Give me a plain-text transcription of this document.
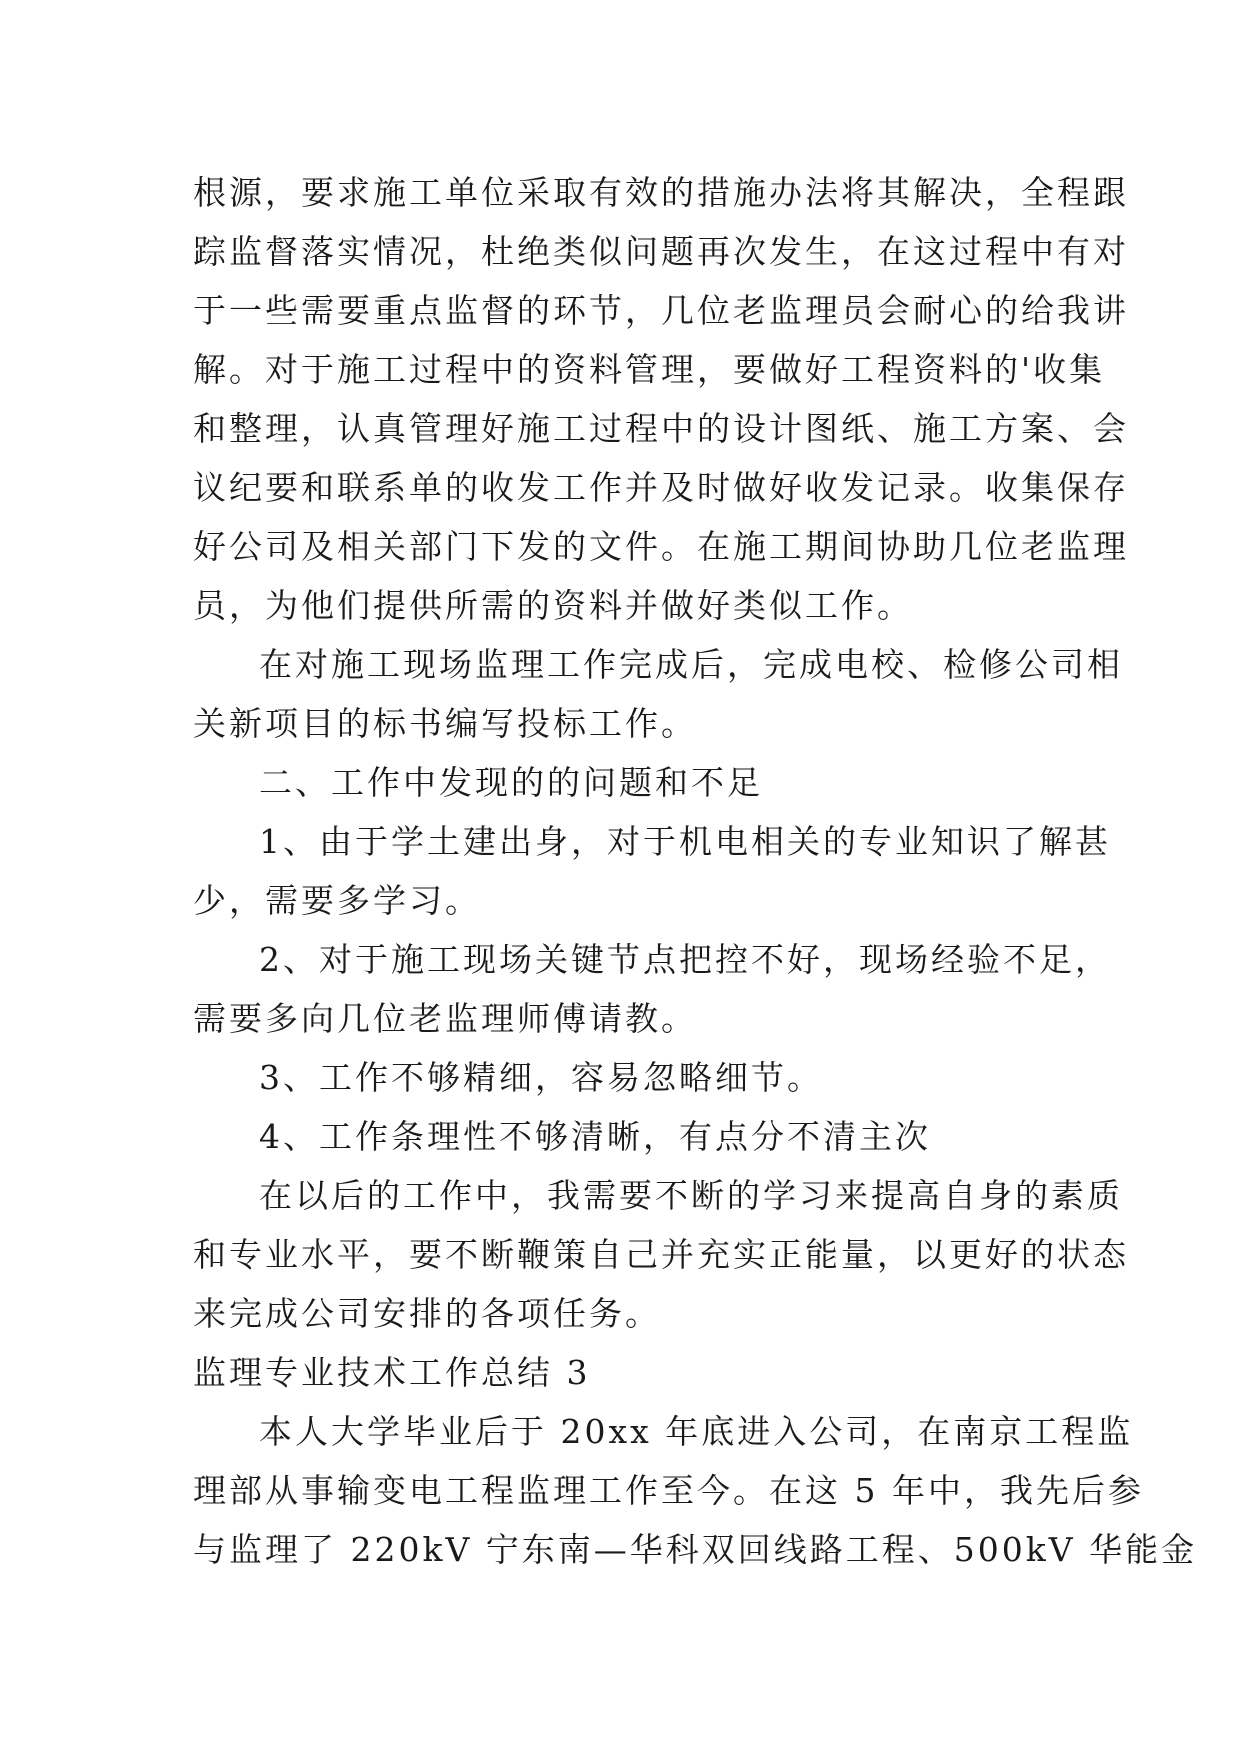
根源，要求施工单位采取有效的措施办法将其解决，全程跟
踪监督落实情况，杜绝类似问题再次发生，在这过程中有对
于一些需要重点监督的环节，几位老监理员会耐心的给我讲
解。对于施工过程中的资料管理，要做好工程资料的'收集
和整理，认真管理好施工过程中的设计图纸、施工方案、会
议纪要和联系单的收发工作并及时做好收发记录。收集保存
好公司及相关部门下发的文件。在施工期间协助几位老监理
员，为他们提供所需的资料并做好类似工作。
在对施工现场监理工作完成后，完成电校、检修公司相
关新项目的标书编写投标工作。
二、工作中发现的的问题和不足
1、由于学土建出身，对于机电相关的专业知识了解甚
少，需要多学习。
2、对于施工现场关键节点把控不好，现场经验不足，
需要多向几位老监理师傅请教。
3、工作不够精细，容易忽略细节。
4、工作条理性不够清晰，有点分不清主次
在以后的工作中，我需要不断的学习来提高自身的素质
和专业水平，要不断鞭策自己并充实正能量，以更好的状态
来完成公司安排的各项任务。
监理专业技术工作总结 3
本人大学毕业后于 20xx 年底进入公司，在南京工程监
理部从事输变电工程监理工作至今。在这 5 年中，我先后参
与监理了 220kV 宁东南—华科双回线路工程、500kV 华能金
